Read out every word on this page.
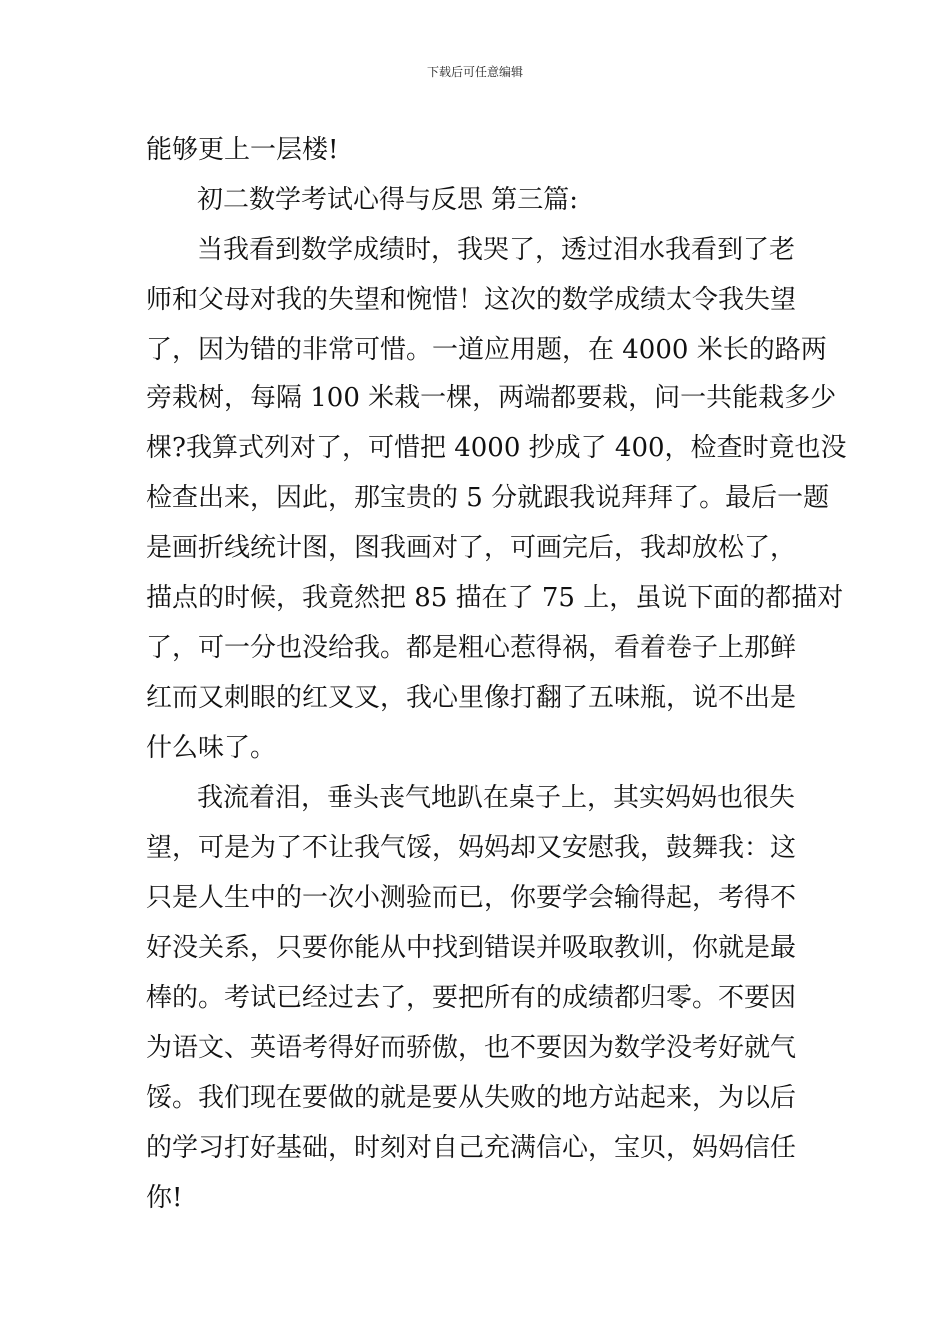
下载后可任意编辑
能够更上一层楼!
初二数学考试心得与反思 第三篇:
当我看到数学成绩时，我哭了，透过泪水我看到了老
师和父母对我的失望和惋惜！这次的数学成绩太令我失望
了，因为错的非常可惜。一道应用题，在 4000 米长的路两
旁栽树，每隔 100 米栽一棵，两端都要栽，问一共能栽多少
棵?我算式列对了，可惜把 4000 抄成了 400，检查时竟也没
检查出来，因此，那宝贵的 5 分就跟我说拜拜了。最后一题
是画折线统计图，图我画对了，可画完后，我却放松了，
描点的时候，我竟然把 85 描在了 75 上，虽说下面的都描对
了，可一分也没给我。都是粗心惹得祸，看着卷子上那鲜
红而又刺眼的红叉叉，我心里像打翻了五味瓶，说不出是
什么味了。
我流着泪，垂头丧气地趴在桌子上，其实妈妈也很失
望，可是为了不让我气馁，妈妈却又安慰我，鼓舞我：这
只是人生中的一次小测验而已，你要学会输得起，考得不
好没关系，只要你能从中找到错误并吸取教训，你就是最
棒的。考试已经过去了，要把所有的成绩都归零。不要因
为语文、英语考得好而骄傲，也不要因为数学没考好就气
馁。我们现在要做的就是要从失败的地方站起来，为以后
的学习打好基础，时刻对自己充满信心，宝贝，妈妈信任
你!
